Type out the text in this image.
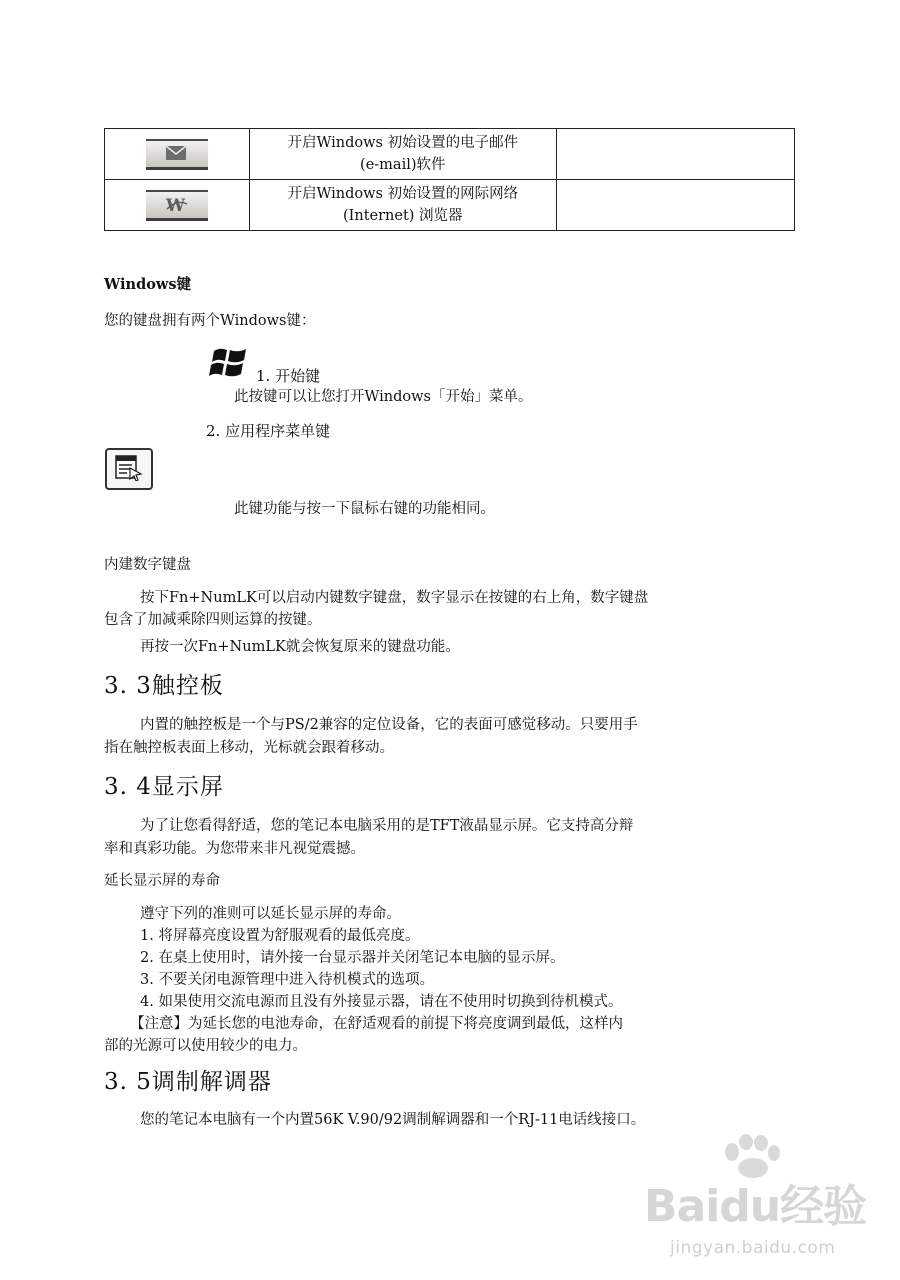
开启Windows 初始设置的电子邮件
(e-mail)软件	

W	开启Windows 初始设置的网际网络
(Internet) 浏览器	

Windows键
您的键盘拥有两个Windows键：
1. 开始键
此按键可以让您打开Windows「开始」菜单。
2. 应用程序菜单键
此键功能与按一下鼠标右键的功能相同。
内建数字键盘
按下Fn+NumLK可以启动内键数字键盘，数字显示在按键的右上角，数字键盘
包含了加减乘除四则运算的按键。
再按一次Fn+NumLK就会恢复原来的键盘功能。
3. 3触控板
内置的触控板是一个与PS/2兼容的定位设备，它的表面可感觉移动。只要用手
指在触控板表面上移动，光标就会跟着移动。
3. 4显示屏
为了让您看得舒适，您的笔记本电脑采用的是TFT液晶显示屏。它支持高分辩
率和真彩功能。为您带来非凡视觉震撼。
延长显示屏的寿命
遵守下列的准则可以延长显示屏的寿命。
1. 将屏幕亮度设置为舒服观看的最低亮度。
2. 在桌上使用时，请外接一台显示器并关闭笔记本电脑的显示屏。
3. 不要关闭电源管理中进入待机模式的选项。
4. 如果使用交流电源而且没有外接显示器，请在不使用时切换到待机模式。
【注意】为延长您的电池寿命，在舒适观看的前提下将亮度调到最低，这样内
部的光源可以使用较少的电力。
3. 5调制解调器
您的笔记本电脑有一个内置56K V.90/92调制解调器和一个RJ-11电话线接口。
Baidu经验
jingyan.baidu.com
